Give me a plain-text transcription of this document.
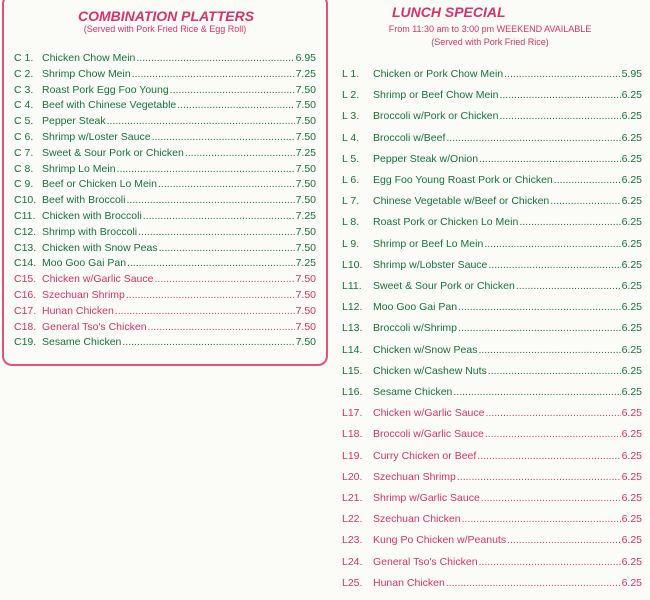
COMBINATION PLATTERS
(Served with Pork Fried Rice & Egg Roll)
LUNCH SPECIAL
From 11:30 am to 3:00 pm WEEKEND AVAILABLE
(Served with Pork Fried Rice)
C 1. Chicken Chow Mein .....	6.95
C 2. Shrimp Chow Mein .....	7.25
C 3. Roast Pork Egg Foo Young .....	7.50
C 4. Beef with Chinese Vegetable .....	7.50
C 5. Pepper Steak .....	7.50
C 6. Shrimp w/Loster Sauce .....	7.50
C 7. Sweet & Sour Pork or Chicken .....	7.25
C 8. Shrimp Lo Mein .....	7.50
C 9. Beef or Chicken Lo Mein .....	7.50
C10. Beef with Broccoli .....	7.50
C11. Chicken with Broccoli .....	7.25
C12. Shrimp with Broccoli .....	7.50
C13. Chicken with Snow Peas .....	7.50
C14. Moo Goo Gai Pan .....	7.25
C15. Chicken w/Garlic Sauce .....	7.50
C16. Szechuan Shrimp .....	7.50
C17. Hunan Chicken .....	7.50
C18. General Tso's Chicken .....	7.50
C19. Sesame Chicken .....	7.50
L 1.	Chicken or Pork Chow Mein .....	5.95
L 2.	Shrimp or Beef Chow Mein .....	6.25
L 3.	Broccoli w/Pork or Chicken .....	6.25
L 4.	Broccoli w/Beef .....	6.25
L 5.	Pepper Steak w/Onion .....	6.25
L 6.	Egg Foo Young Roast Pork or Chicken .....	6.25
L 7.	Chinese Vegetable w/Beef or Chicken .....	6.25
L 8.	Roast Pork or Chicken Lo Mein .....	6.25
L 9.	Shrimp or Beef Lo Mein .....	6.25
L10.	Shrimp w/Lobster Sauce .....	6.25
L11.	Sweet & Sour Pork or Chicken .....	6.25
L12.	Moo Goo Gai Pan .....	6.25
L13.	Broccoli w/Shrimp .....	6.25
L14.	Chicken w/Snow Peas .....	6.25
L15.	Chicken w/Cashew Nuts .....	6.25
L16.	Sesame Chicken .....	6.25
L17.	Chicken w/Garlic Sauce .....	6.25
L18.	Broccoli w/Garlic Sauce .....	6.25
L19.	Curry Chicken or Beef .....	6.25
L20.	Szechuan Shrimp .....	6.25
L21.	Shrimp w/Garlic Sauce .....	6.25
L22.	Szechuan Chicken .....	6.25
L23.	Kung Po Chicken w/Peanuts .....	6.25
L24.	General Tso's Chicken .....	6.25
L25.	Hunan Chicken .....	6.25
